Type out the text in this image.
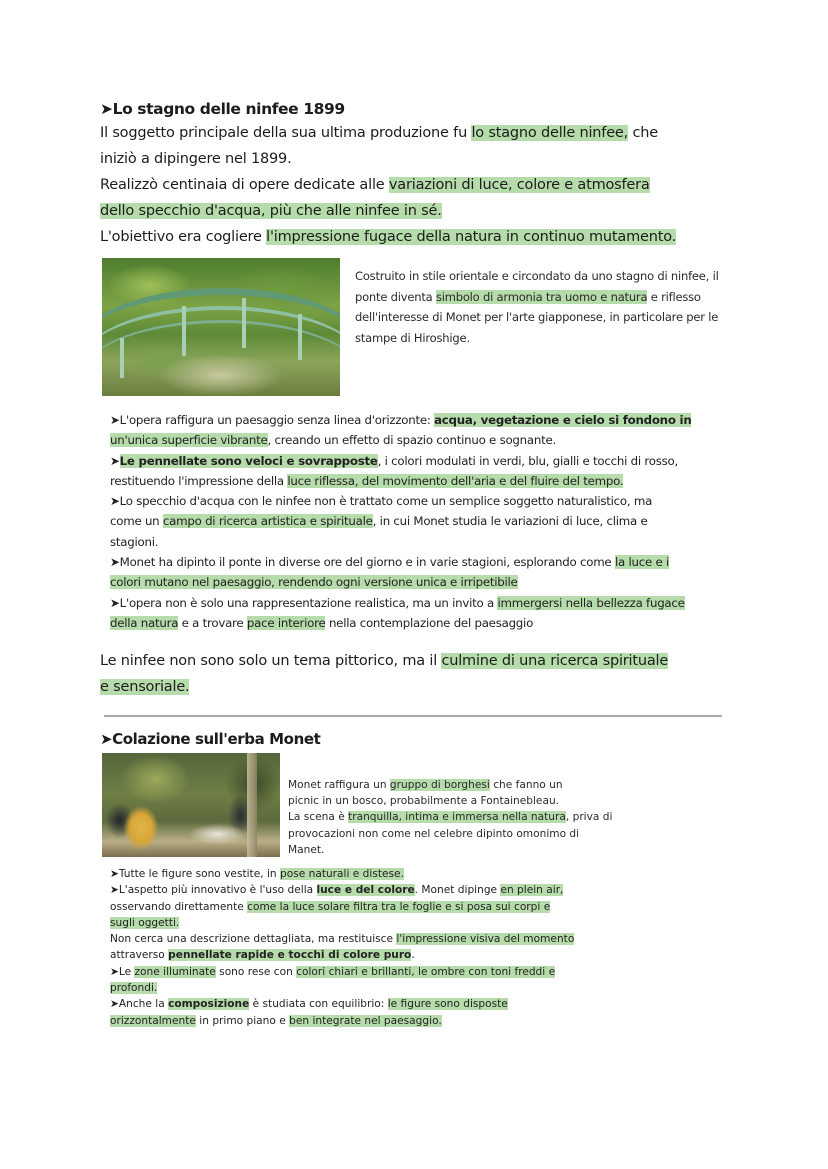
➤Lo stagno delle ninfee 1899
Il soggetto principale della sua ultima produzione fu lo stagno delle ninfee, che
iniziò a dipingere nel 1899.
Realizzò centinaia di opere dedicate alle variazioni di luce, colore e atmosfera
dello specchio d'acqua, più che alle ninfee in sé.
L'obiettivo era cogliere l'impressione fugace della natura in continuo mutamento.
Costruito in stile orientale e circondato da uno stagno di ninfee, il
ponte diventa simbolo di armonia tra uomo e natura e riflesso
dell'interesse di Monet per l'arte giapponese, in particolare per le
stampe di Hiroshige.
➤L'opera raffigura un paesaggio senza linea d'orizzonte: acqua, vegetazione e cielo si fondono in
un'unica superficie vibrante, creando un effetto di spazio continuo e sognante.
➤Le pennellate sono veloci e sovrapposte, i colori modulati in verdi, blu, gialli e tocchi di rosso,
restituendo l'impressione della luce riflessa, del movimento dell'aria e del fluire del tempo.
➤Lo specchio d'acqua con le ninfee non è trattato come un semplice soggetto naturalistico, ma
come un campo di ricerca artistica e spirituale, in cui Monet studia le variazioni di luce, clima e
stagioni.
➤Monet ha dipinto il ponte in diverse ore del giorno e in varie stagioni, esplorando come la luce e i
colori mutano nel paesaggio, rendendo ogni versione unica e irripetibile
➤L'opera non è solo una rappresentazione realistica, ma un invito a immergersi nella bellezza fugace
della natura e a trovare pace interiore nella contemplazione del paesaggio
Le ninfee non sono solo un tema pittorico, ma il culmine di una ricerca spirituale
e sensoriale.
➤Colazione sull'erba Monet
Monet raffigura un gruppo di borghesi che fanno un
picnic in un bosco, probabilmente a Fontainebleau.
La scena è tranquilla, intima e immersa nella natura, priva di
provocazioni non come nel celebre dipinto omonimo di
Manet.
➤Tutte le figure sono vestite, in pose naturali e distese.
➤L'aspetto più innovativo è l'uso della luce e del colore. Monet dipinge en plein air,
osservando direttamente come la luce solare filtra tra le foglie e si posa sui corpi e
sugli oggetti.
Non cerca una descrizione dettagliata, ma restituisce l'impressione visiva del momento
attraverso pennellate rapide e tocchi di colore puro.
➤Le zone illuminate sono rese con colori chiari e brillanti, le ombre con toni freddi e
profondi.
➤Anche la composizione è studiata con equilibrio: le figure sono disposte
orizzontalmente in primo piano e ben integrate nel paesaggio.
